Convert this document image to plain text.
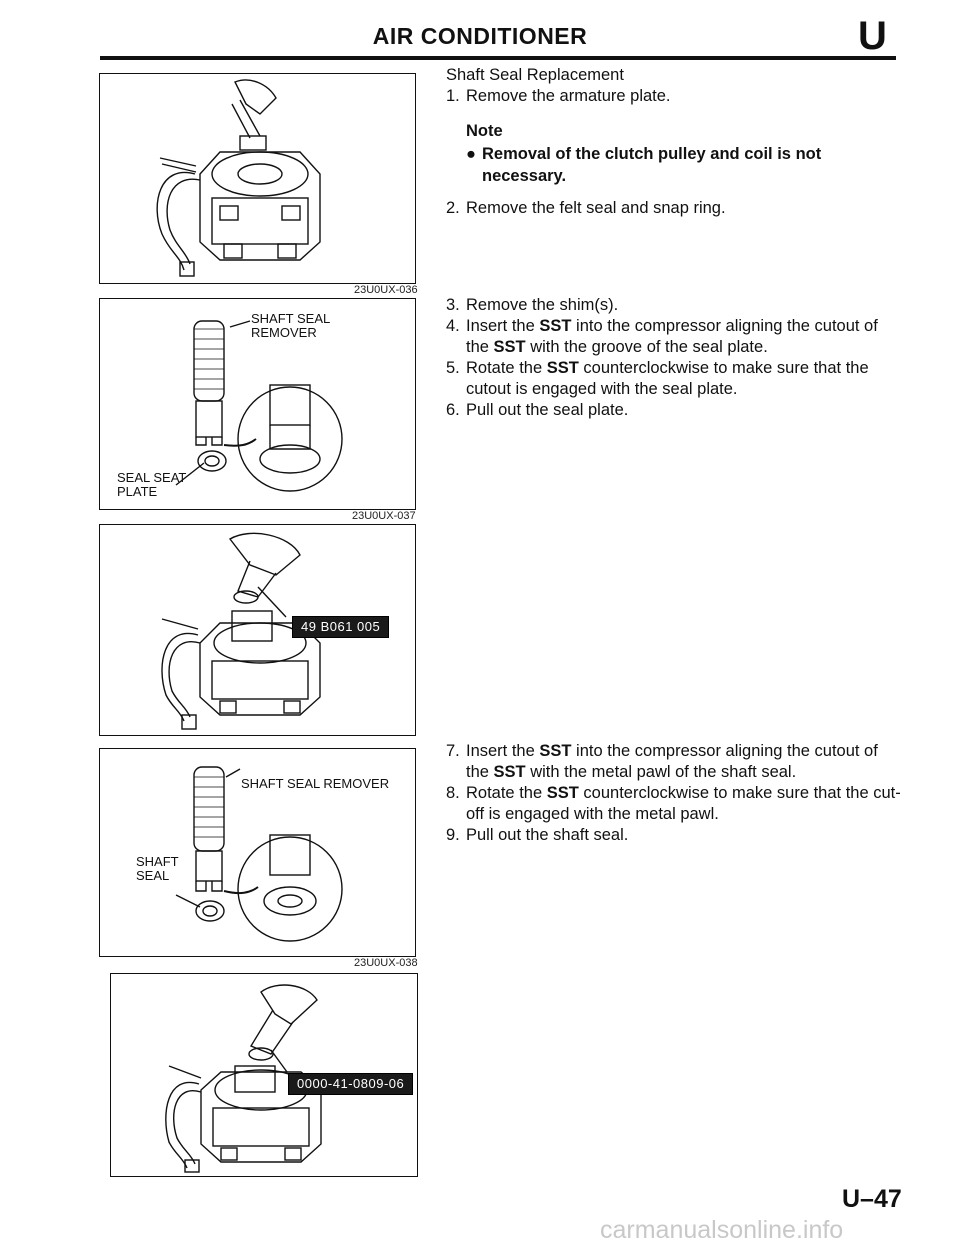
AIR CONDITIONER	U
23U0UX-036
SHAFT SEAL
REMOVER
SEAL SEAT
PLATE
23U0UX-037
49 B061 005
SHAFT SEAL REMOVER
SHAFT
SEAL
23U0UX-038
0000-41-0809-06
Shaft Seal Replacement
1. Remove the armature plate.
Note
● Removal of the clutch pulley and coil is not necessary.
2. Remove the felt seal and snap ring.
3. Remove the shim(s).
4. Insert the SST into the compressor aligning the cutout of
the SST with the groove of the seal plate.
5. Rotate the SST counterclockwise to make sure that the
cutout is engaged with the seal plate.
6. Pull out the seal plate.
7. Insert the SST into the compressor aligning the cutout of
the SST with the metal pawl of the shaft seal.
8. Rotate the SST counterclockwise to make sure that the cut-
off is engaged with the metal pawl.
9. Pull out the shaft seal.
U–47
carmanualsonline.info
